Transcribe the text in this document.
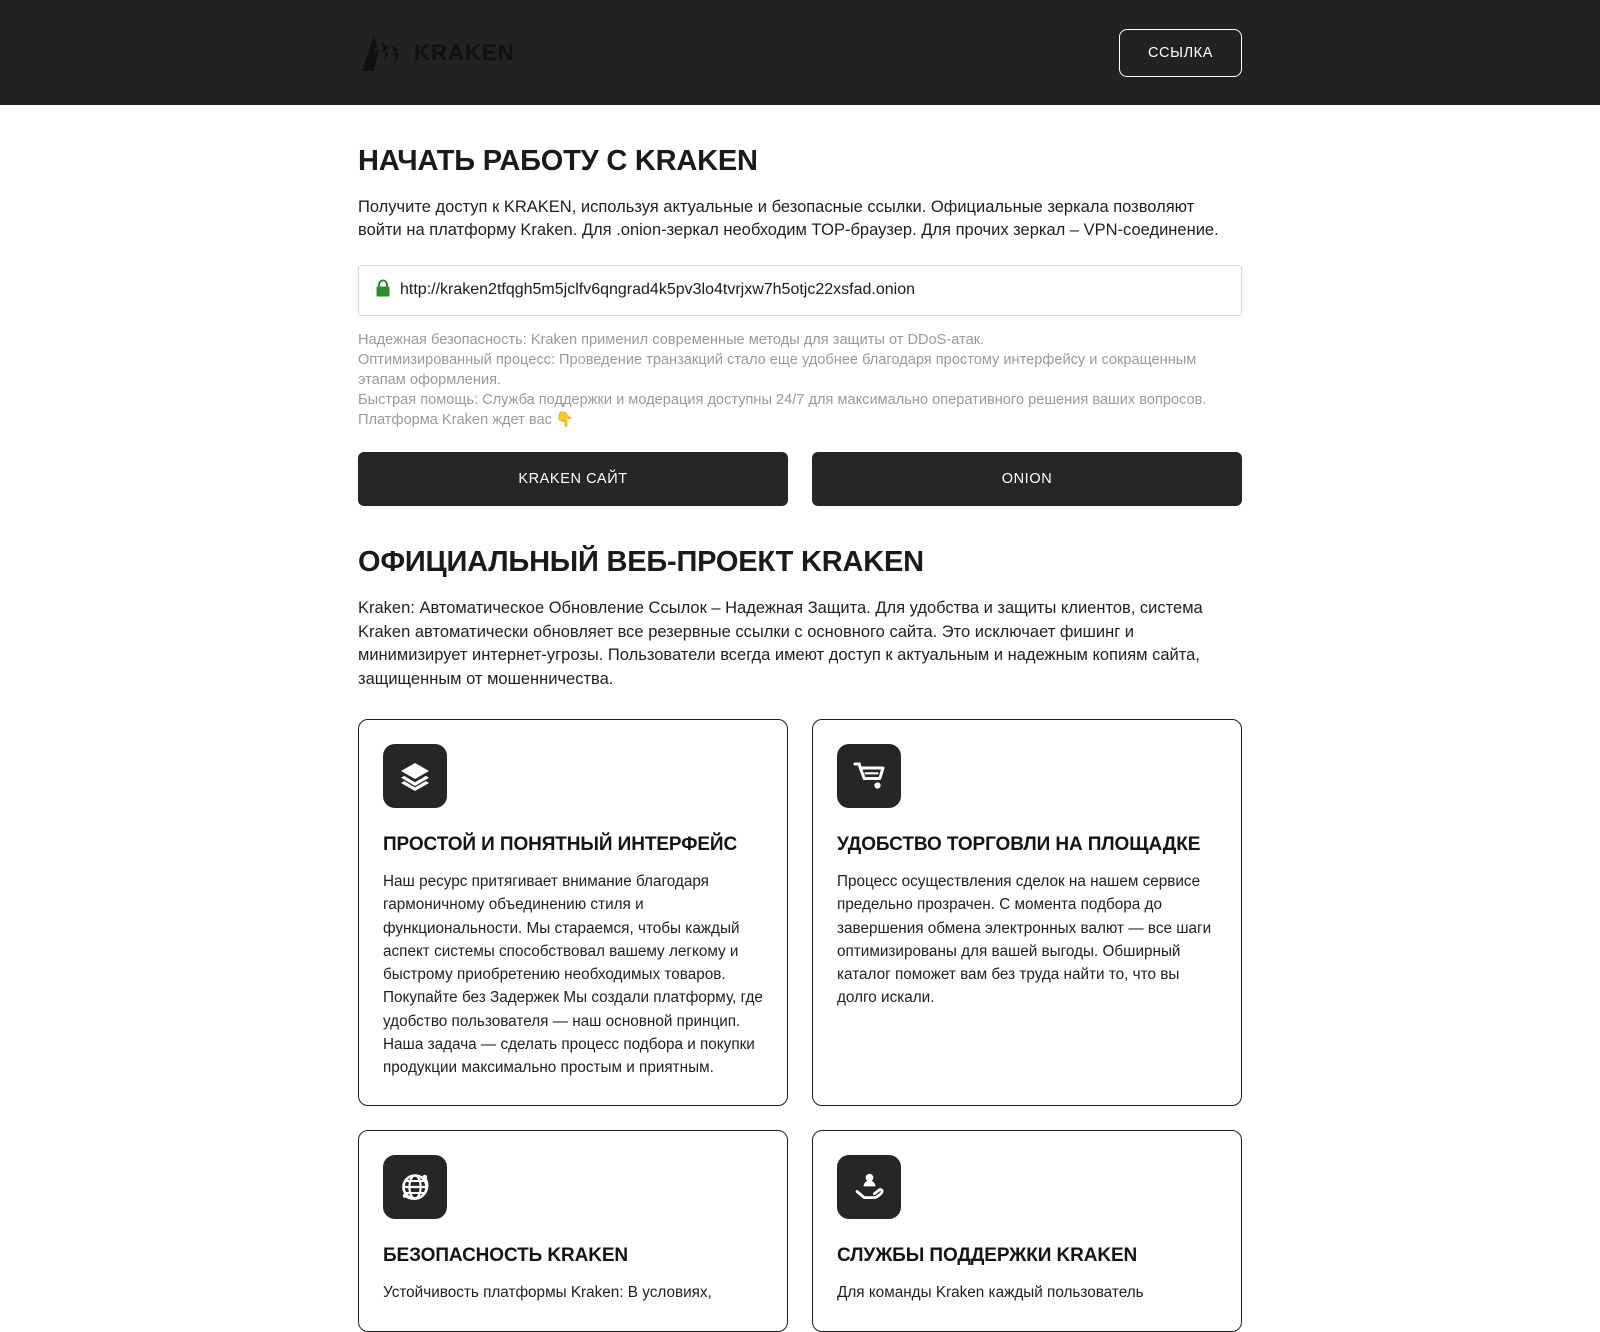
KRAKEN	ССЫЛКА
НАЧАТЬ РАБОТУ С KRAKEN

Получите доступ к KRAKEN, используя актуальные и безопасные ссылки. Официальные зеркала позволяют войти на платформу Kraken. Для .onion-зеркал необходим TOP-браузер. Для прочих зеркал – VPN-соединение.

http://kraken2tfqgh5m5jclfv6qngrad4k5pv3lo4tvrjxw7h5otjc22xsfad.onion

Надежная безопасность: Kraken применил современные методы для защиты от DDoS-атак.

Оптимизированный процесс: Проведение транзакций стало еще удобнее благодаря простому интерфейсу и сокращенным этапам оформления.

Быстрая помощь: Служба поддержки и модерация доступны 24/7 для максимально оперативного решения ваших вопросов.

Платформа Kraken ждет вас 👇

KRAKEN САЙТ	ONION
ОФИЦИАЛЬНЫЙ ВЕБ-ПРОЕКТ KRAKEN

Kraken: Автоматическое Обновление Ссылок – Надежная Защита. Для удобства и защиты клиентов, система Kraken автоматически обновляет все резервные ссылки с основного сайта. Это исключает фишинг и минимизирует интернет-угрозы. Пользователи всегда имеют доступ к актуальным и надежным копиям сайта, защищенным от мошенничества.

ПРОСТОЙ И ПОНЯТНЫЙ ИНТЕРФЕЙС

Наш ресурс притягивает внимание благодаря гармоничному объединению стиля и функциональности. Мы стараемся, чтобы каждый аспект системы способствовал вашему легкому и быстрому приобретению необходимых товаров. Покупайте без Задержек Мы создали платформу, где удобство пользователя — наш основной принцип. Наша задача — сделать процесс подбора и покупки продукции максимально простым и приятным.

УДОБСТВО ТОРГОВЛИ НА ПЛОЩАДКЕ

Процесс осуществления сделок на нашем сервисе предельно прозрачен. С момента подбора до завершения обмена электронных валют — все шаги оптимизированы для вашей выгоды. Обширный каталог поможет вам без труда найти то, что вы долго искали.

БЕЗОПАСНОСТЬ KRAKEN

Устойчивость платформы Kraken: В условиях,

СЛУЖБЫ ПОДДЕРЖКИ KRAKEN

Для команды Kraken каждый пользователь
